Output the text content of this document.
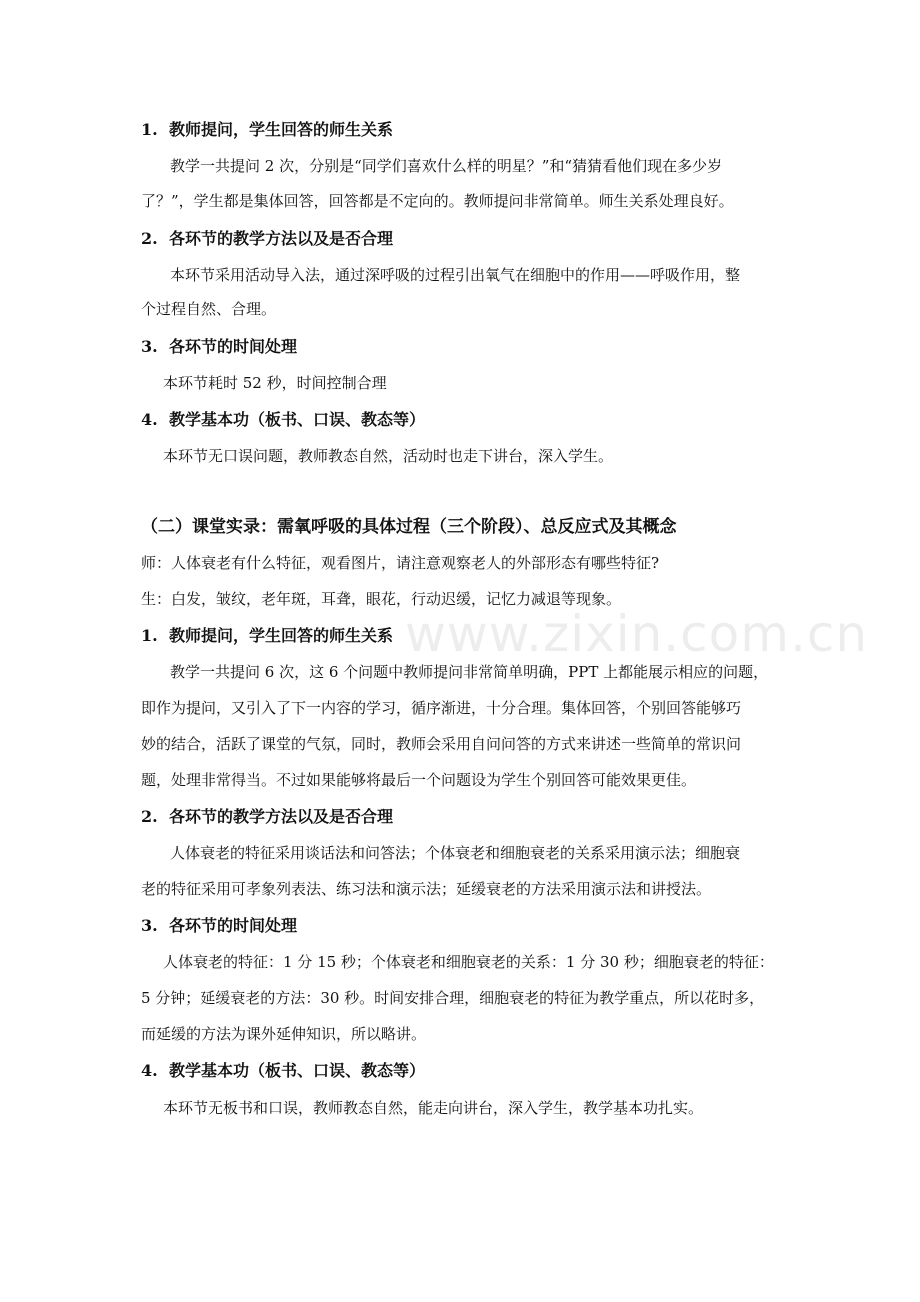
1. 教师提问，学生回答的师生关系
教学一共提问 2 次，分别是“同学们喜欢什么样的明星？”和“猜猜看他们现在多少岁
了？”，学生都是集体回答，回答都是不定向的。教师提问非常简单。师生关系处理良好。
2. 各环节的教学方法以及是否合理
本环节采用活动导入法，通过深呼吸的过程引出氧气在细胞中的作用——呼吸作用，整
个过程自然、合理。
3. 各环节的时间处理
本环节耗时 52 秒，时间控制合理
4. 教学基本功（板书、口误、教态等）
本环节无口误问题，教师教态自然，活动时也走下讲台，深入学生。
（二）课堂实录：需氧呼吸的具体过程（三个阶段）、总反应式及其概念
师：人体衰老有什么特征，观看图片，请注意观察老人的外部形态有哪些特征?
生：白发，皱纹，老年斑，耳聋，眼花，行动迟缓，记忆力减退等现象。
1. 教师提问，学生回答的师生关系
教学一共提问 6 次，这 6 个问题中教师提问非常简单明确，PPT 上都能展示相应的问题，
即作为提问，又引入了下一内容的学习，循序渐进，十分合理。集体回答，个别回答能够巧
妙的结合，活跃了课堂的气氛，同时，教师会采用自问问答的方式来讲述一些简单的常识问
题，处理非常得当。不过如果能够将最后一个问题设为学生个别回答可能效果更佳。
2. 各环节的教学方法以及是否合理
人体衰老的特征采用谈话法和问答法；个体衰老和细胞衰老的关系采用演示法；细胞衰
老的特征采用可孝象列表法、练习法和演示法；延缓衰老的方法采用演示法和讲授法。
3. 各环节的时间处理
人体衰老的特征：1 分 15 秒；个体衰老和细胞衰老的关系：1 分 30 秒；细胞衰老的特征：
5 分钟；延缓衰老的方法：30 秒。时间安排合理，细胞衰老的特征为教学重点，所以花时多，
而延缓的方法为课外延伸知识，所以略讲。
4. 教学基本功（板书、口误、教态等）
本环节无板书和口误，教师教态自然，能走向讲台，深入学生，教学基本功扎实。
www.zixin.com.cn
